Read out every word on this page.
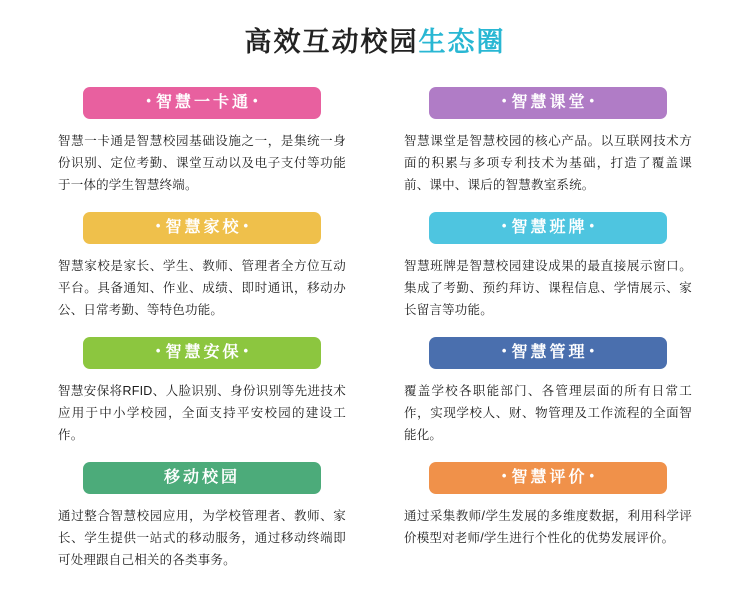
高效互动校园生态圈
• 智慧一卡通 •

智慧一卡通是智慧校园基础设施之一，是集统一身份识别、定位考勤、课堂互动以及电子支付等功能于一体的学生智慧终端。

• 智慧家校 •

智慧家校是家长、学生、教师、管理者全方位互动平台。具备通知、作业、成绩、即时通讯，移动办公、日常考勤、等特色功能。

• 智慧安保 •

智慧安保将RFID、人脸识别、身份识别等先进技术应用于中小学校园，全面支持平安校园的建设工作。

移动校园

通过整合智慧校园应用，为学校管理者、教师、家长、学生提供一站式的移动服务，通过移动终端即可处理跟自己相关的各类事务。

• 智慧课堂 •

智慧课堂是智慧校园的核心产品。以互联网技术方面的积累与多项专利技术为基础，打造了覆盖课前、课中、课后的智慧教室系统。

• 智慧班牌 •

智慧班牌是智慧校园建设成果的最直接展示窗口。集成了考勤、预约拜访、课程信息、学情展示、家长留言等功能。

• 智慧管理 •

覆盖学校各职能部门、各管理层面的所有日常工作，实现学校人、财、物管理及工作流程的全面智能化。

• 智慧评价 •

通过采集教师/学生发展的多维度数据，利用科学评价模型对老师/学生进行个性化的优势发展评价。
